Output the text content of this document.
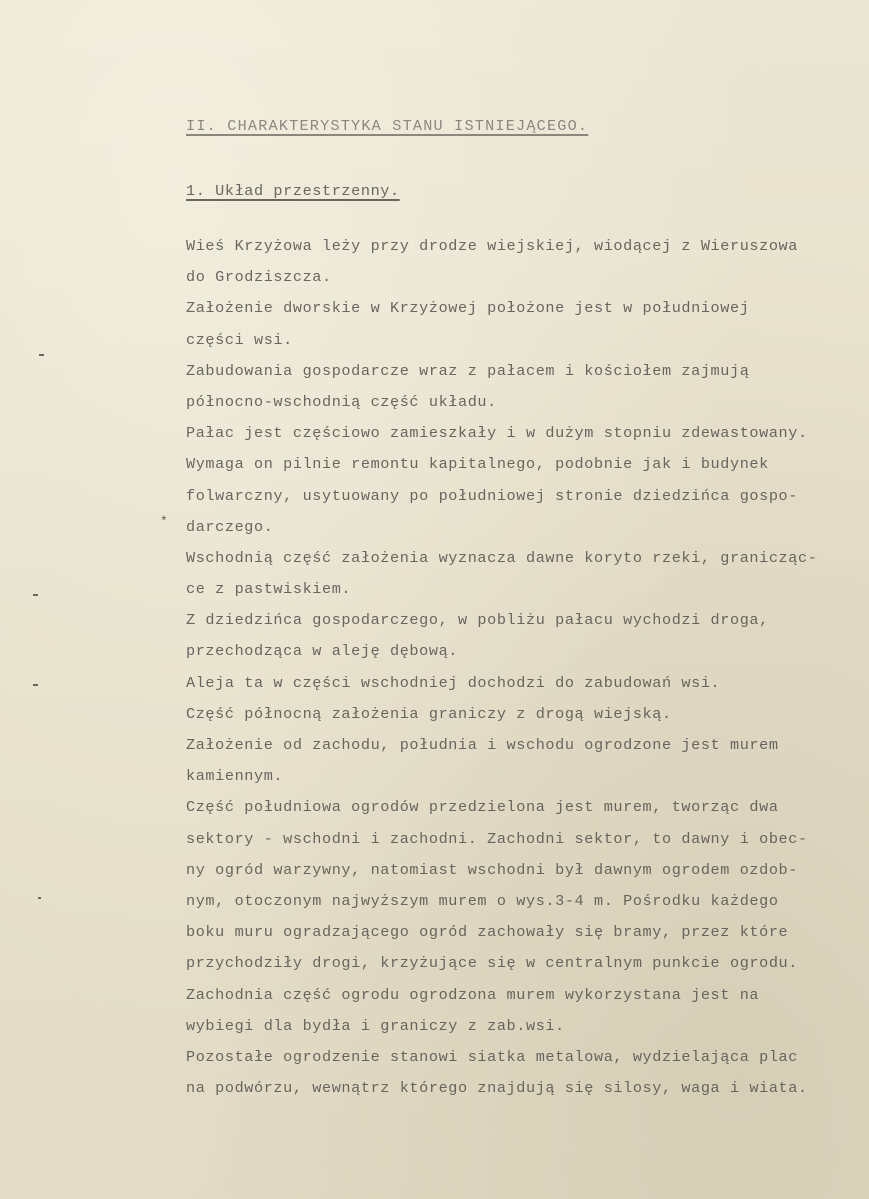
II. CHARAKTERYSTYKA STANU ISTNIEJĄCEGO.
1. Układ przestrzenny.
Wieś Krzyżowa leży przy drodze wiejskiej, wiodącej z Wieruszowa
do Grodziszcza.
Założenie dworskie w Krzyżowej położone jest w południowej
części wsi.
Zabudowania gospodarcze wraz z pałacem i kościołem zajmują
północno-wschodnią część układu.
Pałac jest częściowo zamieszkały i w dużym stopniu zdewastowany.
Wymaga on pilnie remontu kapitalnego, podobnie jak i budynek
folwarczny, usytuowany po południowej stronie dziedzińca gospo-
darczego.
Wschodnią część założenia wyznacza dawne koryto rzeki, granicząc-
ce z pastwiskiem.
Z dziedzińca gospodarczego, w pobliżu pałacu wychodzi droga,
przechodząca w aleję dębową.
Aleja ta w części wschodniej dochodzi do zabudowań wsi.
Część północną założenia graniczy z drogą wiejską.
Założenie od zachodu, południa i wschodu ogrodzone jest murem
kamiennym.
Część południowa ogrodów przedzielona jest murem, tworząc dwa
sektory - wschodni i zachodni. Zachodni sektor, to dawny i obec-
ny ogród warzywny, natomiast wschodni był dawnym ogrodem ozdob-
nym, otoczonym najwyższym murem o wys.3-4 m. Pośrodku każdego
boku muru ogradzającego ogród zachowały się bramy, przez które
przychodziły drogi, krzyżujące się w centralnym punkcie ogrodu.
Zachodnia część ogrodu ogrodzona murem wykorzystana jest na
wybiegi dla bydła i graniczy z zab.wsi.
Pozostałe ogrodzenie stanowi siatka metalowa, wydzielająca plac
na podwórzu, wewnątrz którego znajdują się silosy, waga i wiata.
*
